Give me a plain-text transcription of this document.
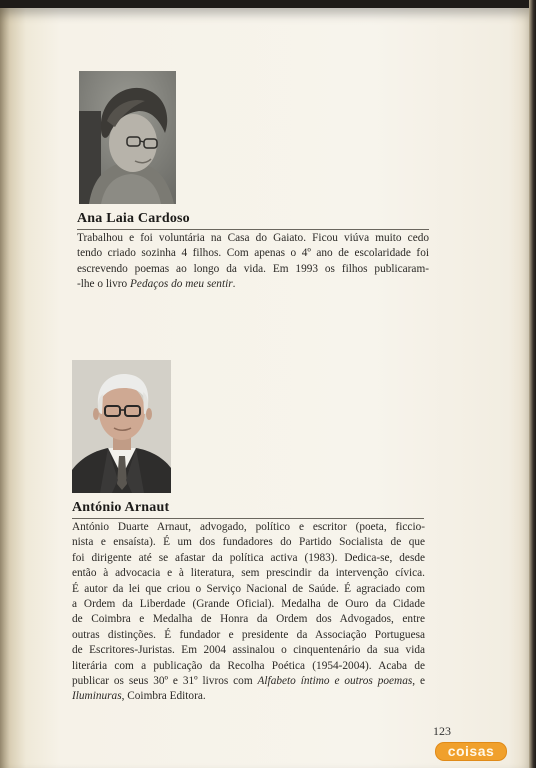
Ana Laia Cardoso
Trabalhou e foi voluntária na Casa do Gaiato. Ficou viúva muito cedo
tendo criado sozinha 4 filhos. Com apenas o 4º ano de escolaridade foi
escrevendo poemas ao longo da vida. Em 1993 os filhos publicaram-
-lhe o livro Pedaços do meu sentir.
António Arnaut
António Duarte Arnaut, advogado, político e escritor (poeta, ficcio-
nista e ensaísta). É um dos fundadores do Partido Socialista de que
foi dirigente até se afastar da política activa (1983). Dedica-se, desde
então à advocacia e à literatura, sem prescindir da intervenção cívica.
É autor da lei que criou o Serviço Nacional de Saúde. É agraciado com
a Ordem da Liberdade (Grande Oficial). Medalha de Ouro da Cidade
de Coimbra e Medalha de Honra da Ordem dos Advogados, entre
outras distinções. É fundador e presidente da Associação Portuguesa
de Escritores-Juristas. Em 2004 assinalou o cinquentenário da sua vida
literária com a publicação da Recolha Poética (1954-2004). Acaba de
publicar os seus 30º e 31º livros com Alfabeto íntimo e outros poemas, e
Iluminuras, Coimbra Editora.
123
coisas
